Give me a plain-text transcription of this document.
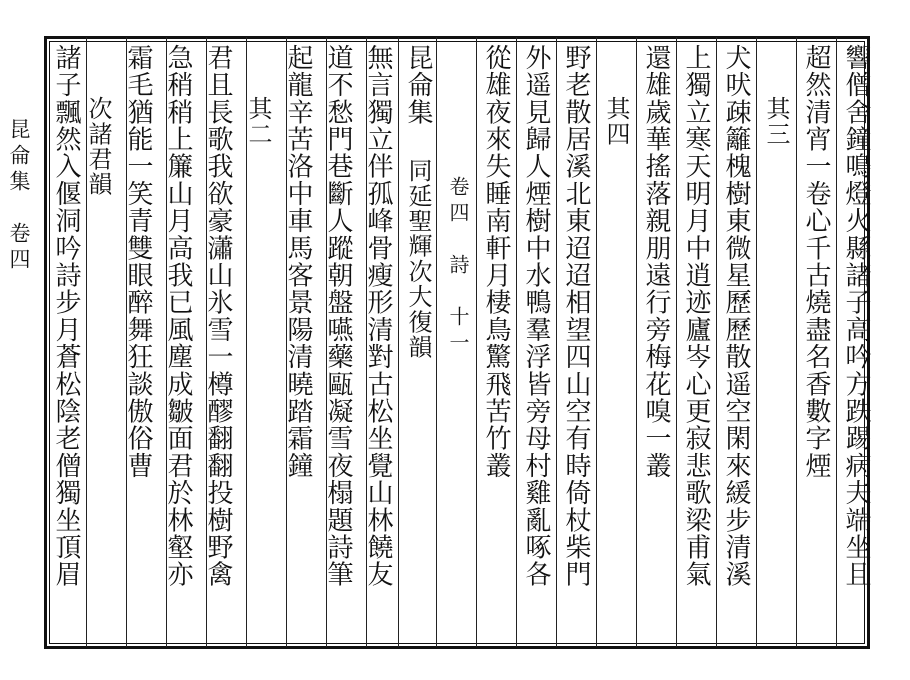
昆侖集　卷四	響僧舍鐘鳴燈火縣諸子高吟方跌踢病夫端坐且
超然清宵一卷心千古燒盡名香數字煙
其三
犬吠疎籬槐樹東微星歷歷散遥空閑來緩步清溪
上獨立寒天明月中逍迹廬岑心更寂悲歌梁甫氣
還雄歲華搖落親朋遠行旁梅花嗅一叢
其四
野老散居溪北東迢迢相望四山空有時倚杖柴門
外遥見歸人煙樹中水鴨羣浮皆旁母村雞亂啄各
從雄夜來失睡南軒月棲鳥驚飛苦竹叢
昆侖集
卷四　詩　十一
同延聖輝次大復韻
無言獨立伴孤峰骨瘦形清對古松坐覺山林饒友
道不愁門巷斷人蹤朝盤嚥藥甌凝雪夜榻題詩筆
起龍辛苦洛中車馬客景陽清曉踏霜鐘
其二
君且長歌我欲豪瀟山氷雪一樽醪翻翻投樹野禽
急稍稍上簾山月高我已風塵成皺面君於林壑亦
霜毛猶能一笑青雙眼醉舞狂談傲俗曹
次諸君韻
諸子飄然入偃洞吟詩步月蒼松陰老僧獨坐頂眉
